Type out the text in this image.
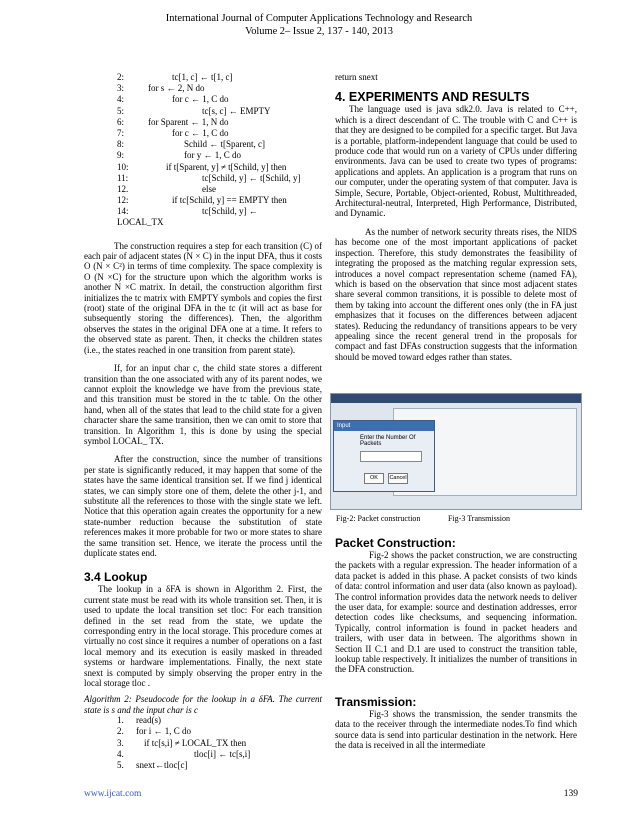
International Journal of Computer Applications Technology and Research
Volume 2– Issue 2, 137 - 140, 2013
2:	tc[1, c] ← t[1, c]
3:	for s ← 2, N do
4:	for c ← 1, C do
5:	tc[s, c] ← EMPTY
6:	for Sparent ← 1, N do
7:	for c ← 1, C do
8:	Schild ← t[Sparent, c]
9:	for y ← 1, C do
10:	if t[Sparent, y] ≠ t[Schild, y] then
11:	tc[Schild, y] ← t[Schild, y]
12.	else
12:	if tc[Schild, y] == EMPTY then
14:	tc[Schild, y] ←
LOCAL_TX

The construction requires a step for each transition (C) of each pair of adjacent states (N × C) in the input DFA, thus it costs O (N × C²) in terms of time complexity. The space complexity is O (N ×C) for the structure upon which the algorithm works is another N ×C matrix. In detail, the construction algorithm first initializes the tc matrix with EMPTY symbols and copies the first (root) state of the original DFA in the tc (it will act as base for subsequently storing the differences). Then, the algorithm observes the states in the original DFA one at a time. It refers to the observed state as parent. Then, it checks the children states (i.e., the states reached in one transition from parent state).

If, for an input char c, the child state stores a different transition than the one associated with any of its parent nodes, we cannot exploit the knowledge we have from the previous state, and this transition must be stored in the tc table. On the other hand, when all of the states that lead to the child state for a given character share the same transition, then we can omit to store that transition. In Algorithm 1, this is done by using the special symbol LOCAL_ TX.

After the construction, since the number of transitions per state is significantly reduced, it may happen that some of the states have the same identical transition set. If we find j identical states, we can simply store one of them, delete the other j-1, and substitute all the references to those with the single state we left. Notice that this operation again creates the opportunity for a new state-number reduction because the substitution of state references makes it more probable for two or more states to share the same transition set. Hence, we iterate the process until the duplicate states end.

3.4 Lookup

The lookup in a δFA is shown in Algorithm 2. First, the current state must be read with its whole transition set. Then, it is used to update the local transition set tloc: For each transition defined in the set read from the state, we update the corresponding entry in the local storage. This procedure comes at virtually no cost since it requires a number of operations on a fast local memory and its execution is easily masked in threaded systems or hardware implementations. Finally, the next state snext is computed by simply observing the proper entry in the local storage tloc .

Algorithm 2: Pseudocode for the lookup in a δFA. The current state is s and the input char is c

1. read(s)
2. for i ← 1, C do
3. if tc[s,i] ≠ LOCAL_TX then
4.	tloc[i] ← tc[s,i]
5. snext←tloc[c]

return snext

4. EXPERIMENTS AND RESULTS

The language used is java sdk2.0. Java is related to C++, which is a direct descendant of C. The trouble with C and C++ is that they are designed to be compiled for a specific target. But Java is a portable, platform-independent language that could be used to produce code that would run on a variety of CPUs under differing environments. Java can be used to create two types of programs: applications and applets. An application is a program that runs on our computer, under the operating system of that computer. Java is Simple, Secure, Portable, Object-oriented, Robust, Multithreaded, Architectural-neutral, Interpreted, High Performance, Distributed, and Dynamic.

As the number of network security threats rises, the NIDS has become one of the most important applications of packet inspection. Therefore, this study demonstrates the feasibility of integrating the proposed as the matching regular expression sets, introduces a novel compact representation scheme (named FA), which is based on the observation that since most adjacent states share several common transitions, it is possible to delete most of them by taking into account the different ones only (the in FA just emphasizes that it focuses on the differences between adjacent states). Reducing the redundancy of transitions appears to be very appealing since the recent general trend in the proposals for compact and fast DFAs construction suggests that the information should be moved toward edges rather than states.

Input
Enter the Number Of Packets
OK	Cancel
Fig-2: Packet construction	Fig-3 Transmission
Packet Construction:

Fig-2 shows the packet construction, we are constructing the packets with a regular expression. The header information of a data packet is added in this phase. A packet consists of two kinds of data: control information and user data (also known as payload). The control information provides data the network needs to deliver the user data, for example: source and destination addresses, error detection codes like checksums, and sequencing information. Typically, control information is found in packet headers and trailers, with user data in between. The algorithms shown in Section II C.1 and D.1 are used to construct the transition table, lookup table respectively. It initializes the number of transitions in the DFA construction.

Transmission:

Fig-3 shows the transmission, the sender transmits the data to the receiver through the intermediate nodes.To find which source data is send into particular destination in the network. Here the data is received in all the intermediate

www.ijcat.com	139
